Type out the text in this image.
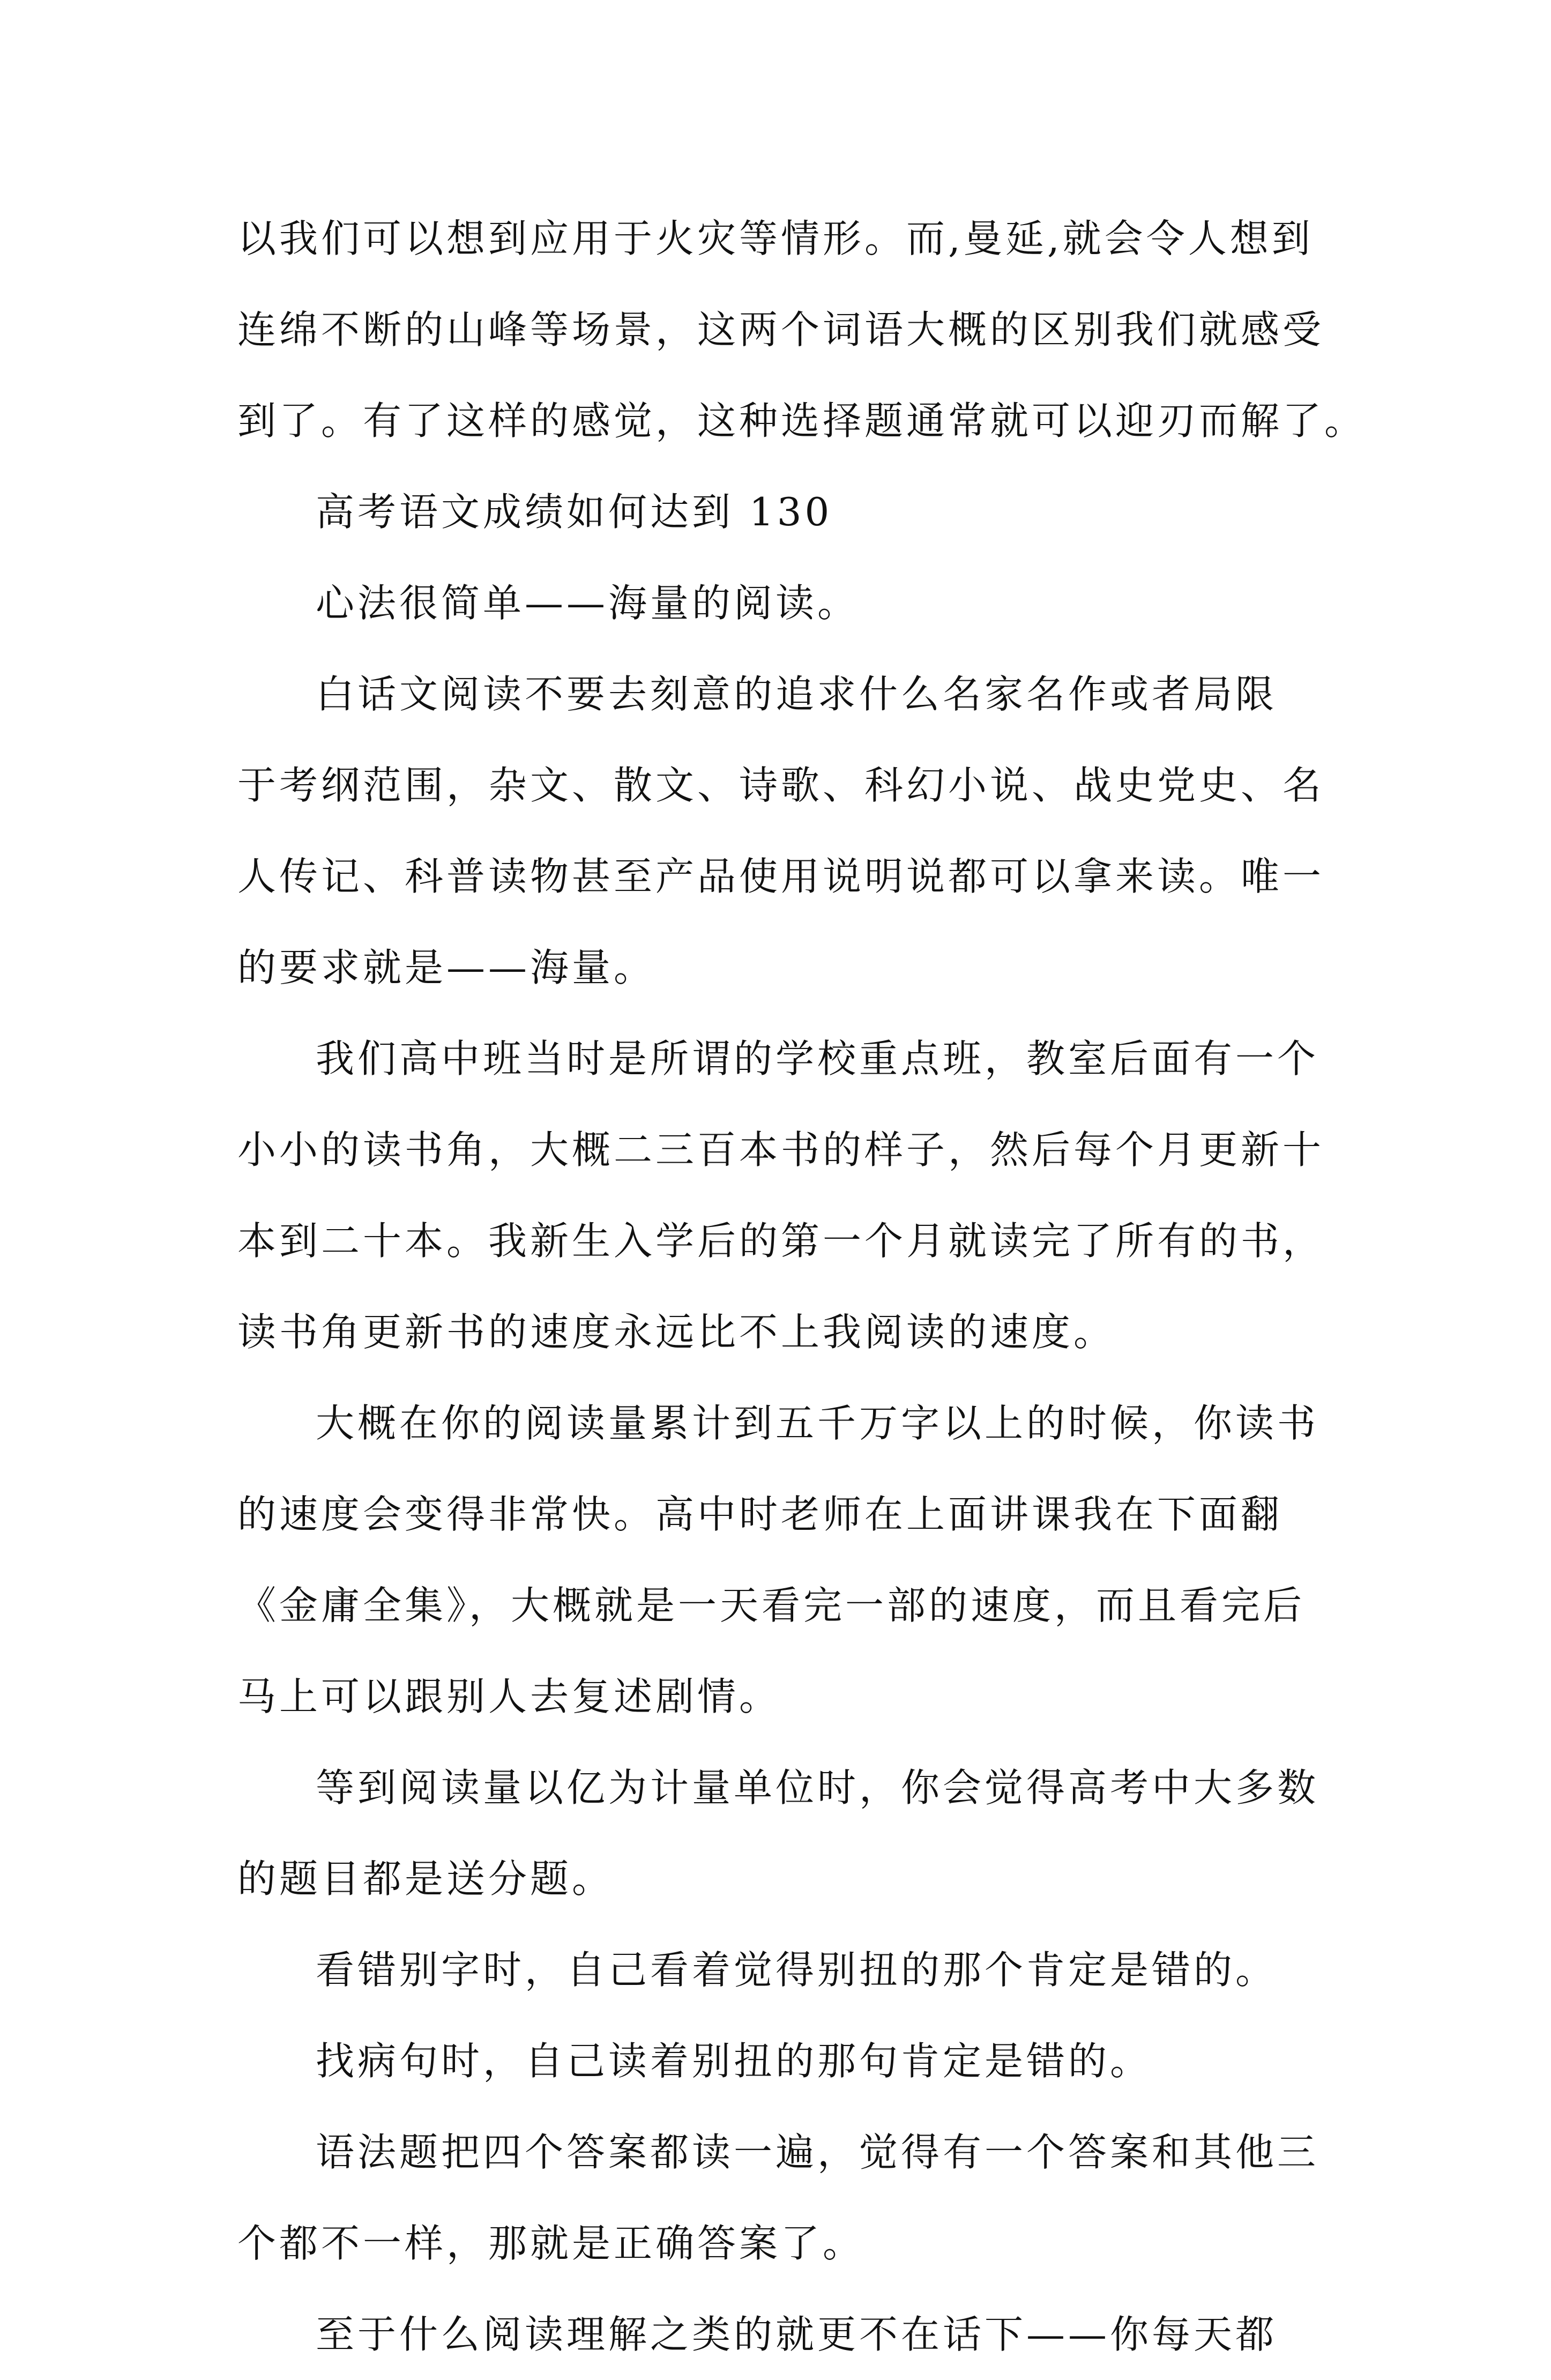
以我们可以想到应用于火灾等情形。而,曼延,就会令人想到
连绵不断的山峰等场景，这两个词语大概的区别我们就感受
到了。有了这样的感觉，这种选择题通常就可以迎刃而解了。

高考语文成绩如何达到 130

心法很简单——海量的阅读。

白话文阅读不要去刻意的追求什么名家名作或者局限
于考纲范围，杂文、散文、诗歌、科幻小说、战史党史、名
人传记、科普读物甚至产品使用说明说都可以拿来读。唯一
的要求就是——海量。

我们高中班当时是所谓的学校重点班，教室后面有一个
小小的读书角，大概二三百本书的样子，然后每个月更新十
本到二十本。我新生入学后的第一个月就读完了所有的书，
读书角更新书的速度永远比不上我阅读的速度。

大概在你的阅读量累计到五千万字以上的时候，你读书
的速度会变得非常快。高中时老师在上面讲课我在下面翻
《金庸全集》，大概就是一天看完一部的速度，而且看完后
马上可以跟别人去复述剧情。

等到阅读量以亿为计量单位时，你会觉得高考中大多数
的题目都是送分题。

看错别字时，自己看着觉得别扭的那个肯定是错的。

找病句时，自己读着别扭的那句肯定是错的。

语法题把四个答案都读一遍，觉得有一个答案和其他三
个都不一样，那就是正确答案了。

至于什么阅读理解之类的就更不在话下——你每天都
